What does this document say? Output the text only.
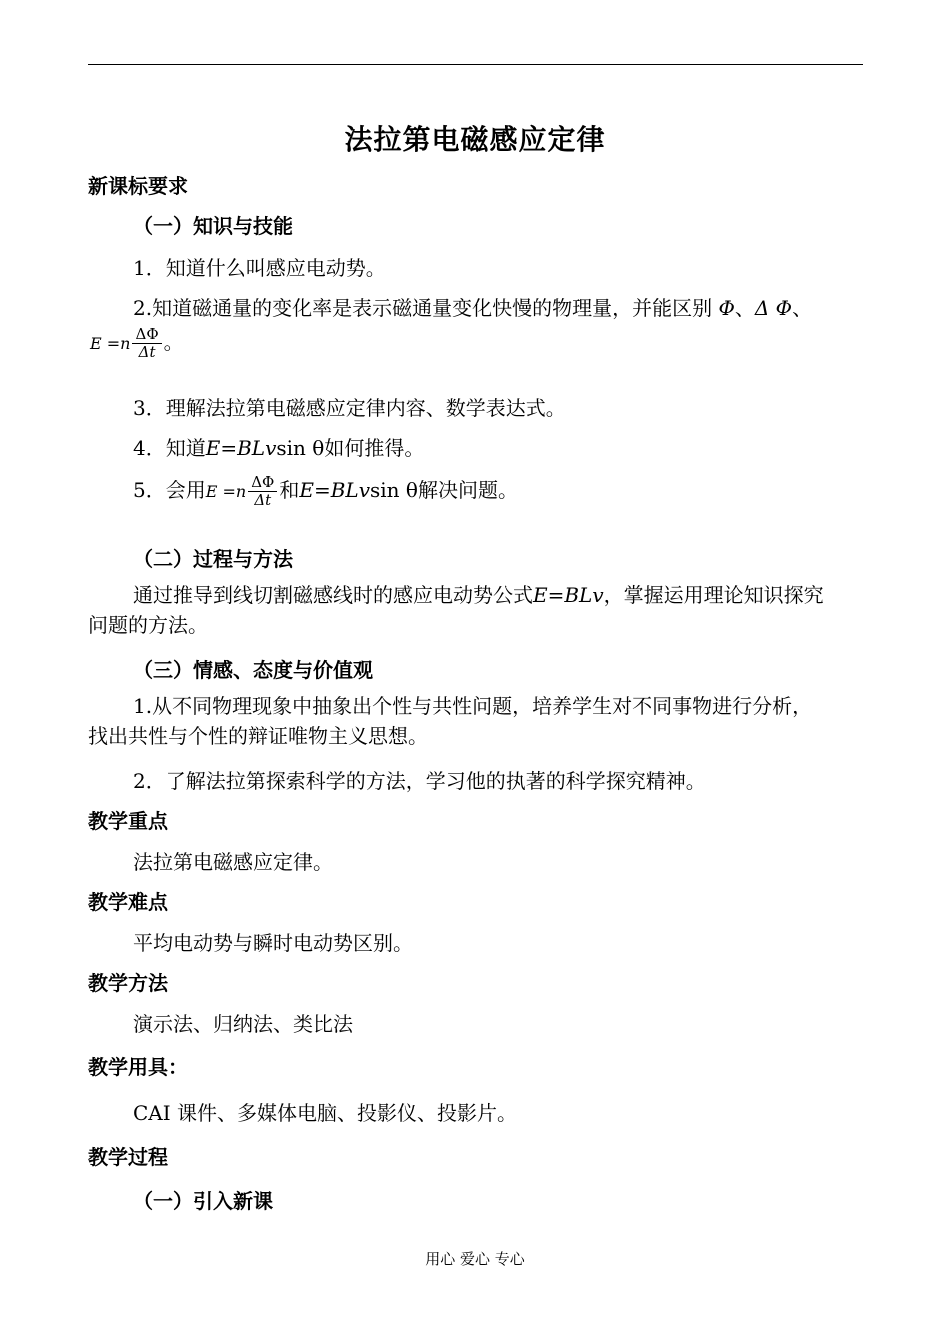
法拉第电磁感应定律
新课标要求
（一）知识与技能
1．知道什么叫感应电动势。
2.知道磁通量的变化率是表示磁通量变化快慢的物理量，并能区别 Φ、Δ Φ、
$E =n \frac{\Delta\Phi}{\Delta t}$ 。
3．理解法拉第电磁感应定律内容、数学表达式。
4．知道E=BLvsin θ如何推得。
5．会用$E =n \frac{\Delta\Phi}{\Delta t}$ 和E=BLvsin θ解决问题。
（二）过程与方法
通过推导到线切割磁感线时的感应电动势公式E=BLv，掌握运用理论知识探究
问题的方法。
（三）情感、态度与价值观
1.从不同物理现象中抽象出个性与共性问题，培养学生对不同事物进行分析，
找出共性与个性的辩证唯物主义思想。
2．了解法拉第探索科学的方法，学习他的执著的科学探究精神。
教学重点
法拉第电磁感应定律。
教学难点
平均电动势与瞬时电动势区别。
教学方法
演示法、归纳法、类比法
教学用具：
CAI 课件、多媒体电脑、投影仪、投影片。
教学过程
（一）引入新课
用心 爱心 专心
